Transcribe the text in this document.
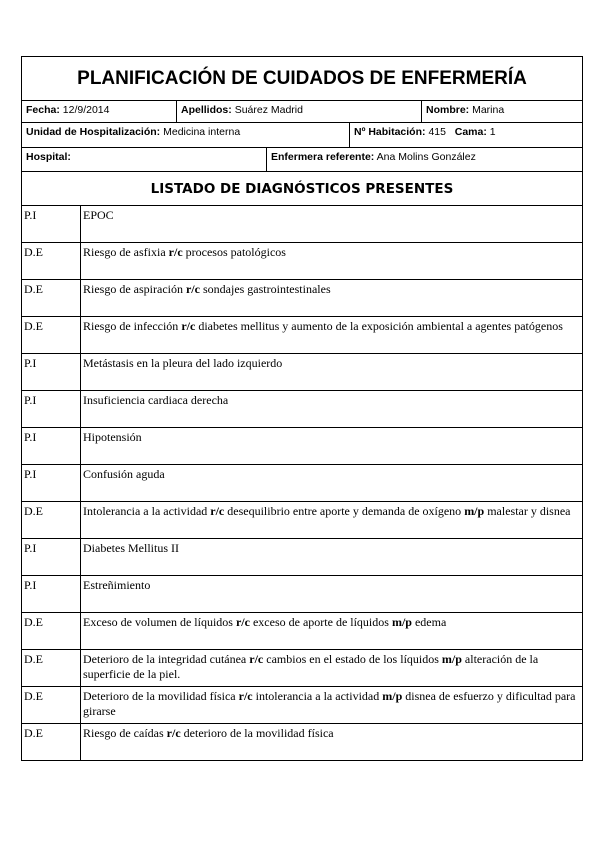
PLANIFICACIÓN DE CUIDADOS DE ENFERMERÍA
Fecha: 12/9/2014	Apellidos: Suárez Madrid	Nombre: Marina
Unidad de Hospitalización: Medicina interna	Nº Habitación: 415 Cama: 1
Hospital:	Enfermera referente: Ana Molins González
LISTADO DE DIAGNÓSTICOS PRESENTES
P.I	EPOC
D.E	Riesgo de asfixia r/c procesos patológicos
D.E	Riesgo de aspiración r/c sondajes gastrointestinales
D.E	Riesgo de infección r/c diabetes mellitus y aumento de la exposición ambiental a agentes patógenos
P.I	Metástasis en la pleura del lado izquierdo
P.I	Insuficiencia cardiaca derecha
P.I	Hipotensión
P.I	Confusión aguda
D.E	Intolerancia a la actividad r/c desequilibrio entre aporte y demanda de oxígeno m/p malestar y disnea
P.I	Diabetes Mellitus II
P.I	Estreñimiento
D.E	Exceso de volumen de líquidos r/c exceso de aporte de líquidos m/p edema
D.E	Deterioro de la integridad cutánea r/c cambios en el estado de los líquidos m/p alteración de la superficie de la piel.
D.E	Deterioro de la movilidad física r/c intolerancia a la actividad m/p disnea de esfuerzo y dificultad para girarse
D.E	Riesgo de caídas r/c deterioro de la movilidad física
